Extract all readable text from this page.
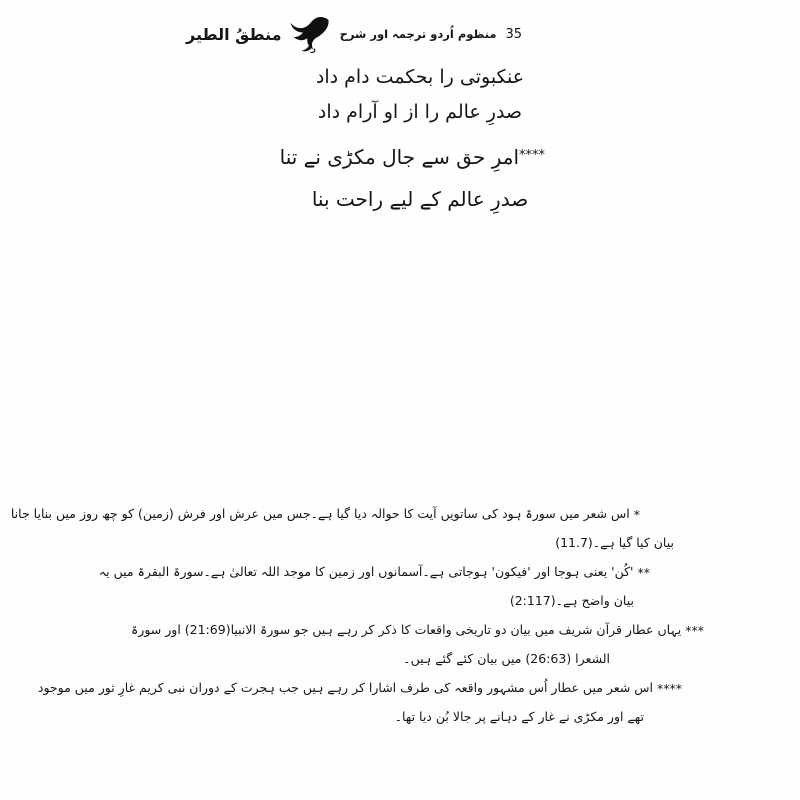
منطقُ الطیر	منظوم اُردو ترجمہ اور شرح 35
عنکبوتی را بحکمت دام داد
صدرِ عالم را از او آرام داد
****امرِ حق سے جال مکڑی نے تنا
صدرِ عالم کے لیے راحت بنا
*اس شعر میں سورۃ ہود کی ساتویں آیت کا حوالہ دیا گیا ہے۔جس میں عرش اور فرش (زمین) کو چھ روز میں بنایا جانا
بیان کیا گیا ہے۔(11.7)
**'کُن' یعنی ہوجا اور 'فیکون' ہوجاتی ہے۔آسمانوں اور زمین کا موجد اللہ تعالیٰ ہے۔سورۃ البقرۃ میں یہ
بیان واضح ہے۔(2:117)
***یہاں عطار قرآن شریف میں بیان دو تاریخی واقعات کا ذکر کر رہے ہیں جو سورۃ الانبیا(21:69) اور سورۃ
الشعرا (26:63) میں بیان کئے گئے ہیں۔
****اس شعر میں عطار اُس مشہور واقعہ کی طرف اشارا کر رہے ہیں جب ہجرت کے دوران نبی کریم غارِ ثور میں موجود
تھے اور مکڑی نے غار کے دہانے پر جالا بُن دیا تھا۔
